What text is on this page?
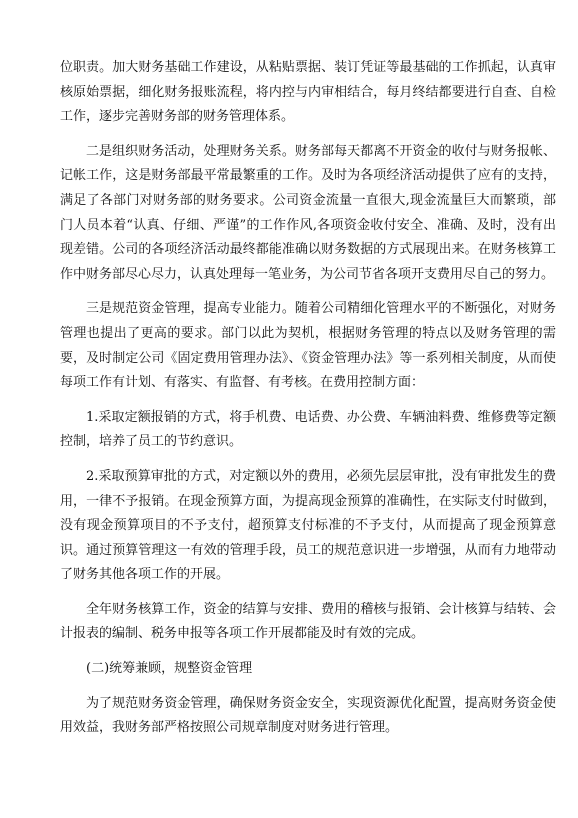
位职责。加大财务基础工作建设，从粘贴票据、装订凭证等最基础的工作抓起，认真审核原始票据，细化财务报账流程，将内控与内审相结合，每月终结都要进行自查、自检工作，逐步完善财务部的财务管理体系。

二是组织财务活动，处理财务关系。财务部每天都离不开资金的收付与财务报帐、记帐工作，这是财务部最平常最繁重的工作。及时为各项经济活动提供了应有的支持，满足了各部门对财务部的财务要求。公司资金流量一直很大,现金流量巨大而繁琐，部门人员本着“认真、仔细、严谨”的工作作风,各项资金收付安全、准确、及时，没有出现差错。公司的各项经济活动最终都能准确以财务数据的方式展现出来。在财务核算工作中财务部尽心尽力，认真处理每一笔业务，为公司节省各项开支费用尽自己的努力。

三是规范资金管理，提高专业能力。随着公司精细化管理水平的不断强化，对财务管理也提出了更高的要求。部门以此为契机，根据财务管理的特点以及财务管理的需要，及时制定公司《固定费用管理办法》、《资金管理办法》等一系列相关制度，从而使每项工作有计划、有落实、有监督、有考核。在费用控制方面：

1.采取定额报销的方式，将手机费、电话费、办公费、车辆油料费、维修费等定额控制，培养了员工的节约意识。

2.采取预算审批的方式，对定额以外的费用，必须先层层审批，没有审批发生的费用，一律不予报销。在现金预算方面，为提高现金预算的准确性，在实际支付时做到，没有现金预算项目的不予支付，超预算支付标准的不予支付，从而提高了现金预算意识。通过预算管理这一有效的管理手段，员工的规范意识进一步增强，从而有力地带动了财务其他各项工作的开展。

全年财务核算工作，资金的结算与安排、费用的稽核与报销、会计核算与结转、会计报表的编制、税务申报等各项工作开展都能及时有效的完成。

(二)统筹兼顾，规整资金管理

为了规范财务资金管理，确保财务资金安全，实现资源优化配置，提高财务资金使用效益，我财务部严格按照公司规章制度对财务进行管理。
